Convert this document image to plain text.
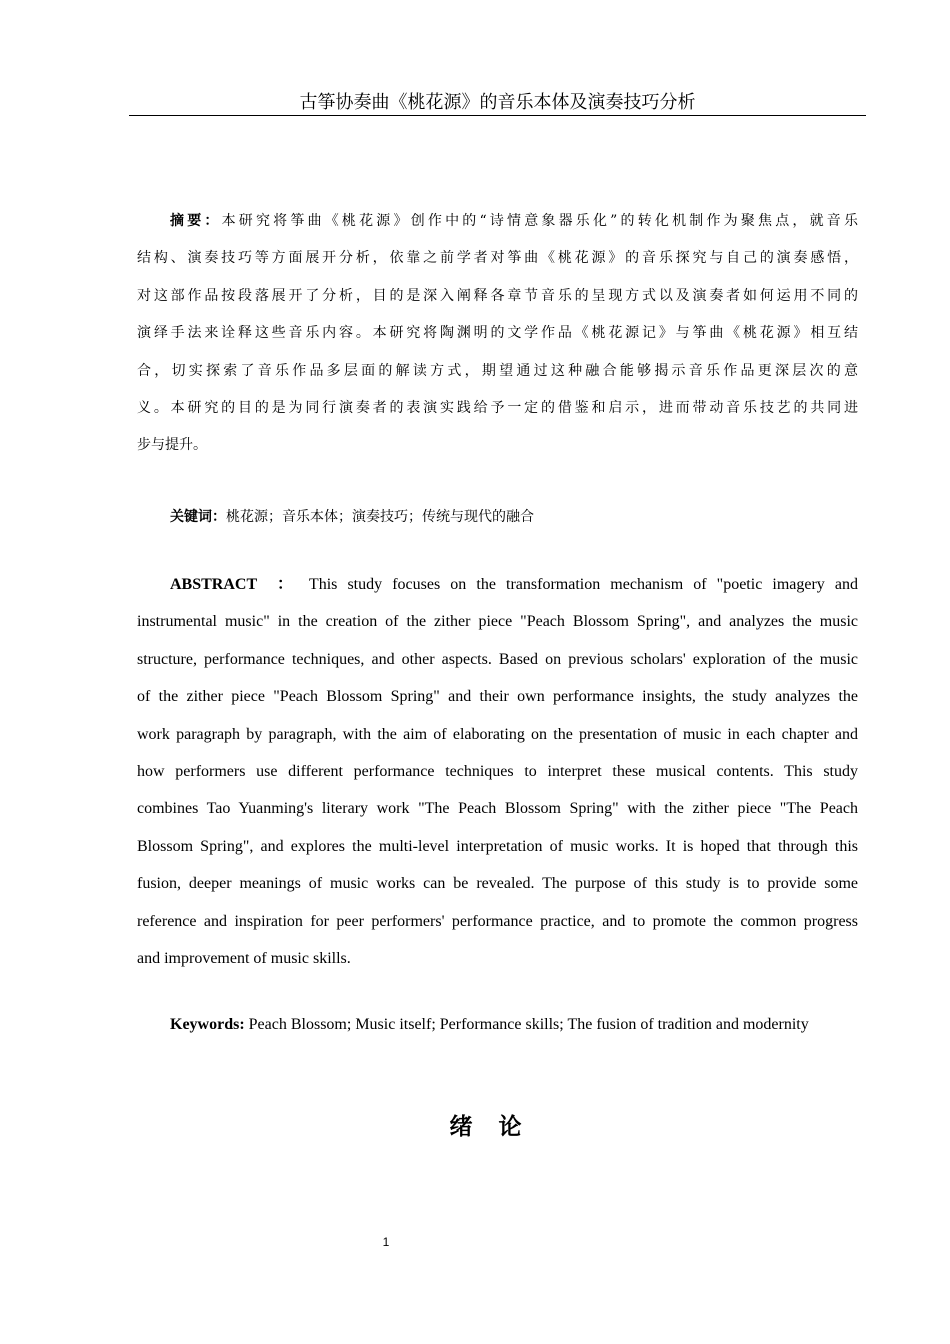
古筝协奏曲《桃花源》的音乐本体及演奏技巧分析
摘要：本研究将筝曲《桃花源》创作中的“诗情意象器乐化”的转化机制作为聚焦点，就音乐
结构、演奏技巧等方面展开分析，依靠之前学者对筝曲《桃花源》的音乐探究与自己的演奏感悟，
对这部作品按段落展开了分析，目的是深入阐释各章节音乐的呈现方式以及演奏者如何运用不同的
演绎手法来诠释这些音乐内容。本研究将陶渊明的文学作品《桃花源记》与筝曲《桃花源》相互结
合，切实探索了音乐作品多层面的解读方式，期望通过这种融合能够揭示音乐作品更深层次的意
义。本研究的目的是为同行演奏者的表演实践给予一定的借鉴和启示，进而带动音乐技艺的共同进
步与提升。
关键词：桃花源；音乐本体；演奏技巧；传统与现代的融合
ABSTRACT  ： This study focuses on the transformation mechanism of "poetic imagery and
instrumental music" in the creation of the zither piece "Peach Blossom Spring", and analyzes the music
structure, performance techniques, and other aspects. Based on previous scholars' exploration of the music
of the zither piece "Peach Blossom Spring" and their own performance insights, the study analyzes the
work paragraph by paragraph, with the aim of elaborating on the presentation of music in each chapter and
how performers use different performance techniques to interpret these musical contents. This study
combines Tao Yuanming's literary work "The Peach Blossom Spring" with the zither piece "The Peach
Blossom Spring", and explores the multi-level interpretation of music works. It is hoped that through this
fusion, deeper meanings of music works can be revealed. The purpose of this study is to provide some
reference and inspiration for peer performers' performance practice, and to promote the common progress
and improvement of music skills.
Keywords: Peach Blossom; Music itself; Performance skills; The fusion of tradition and modernity
绪论
1
